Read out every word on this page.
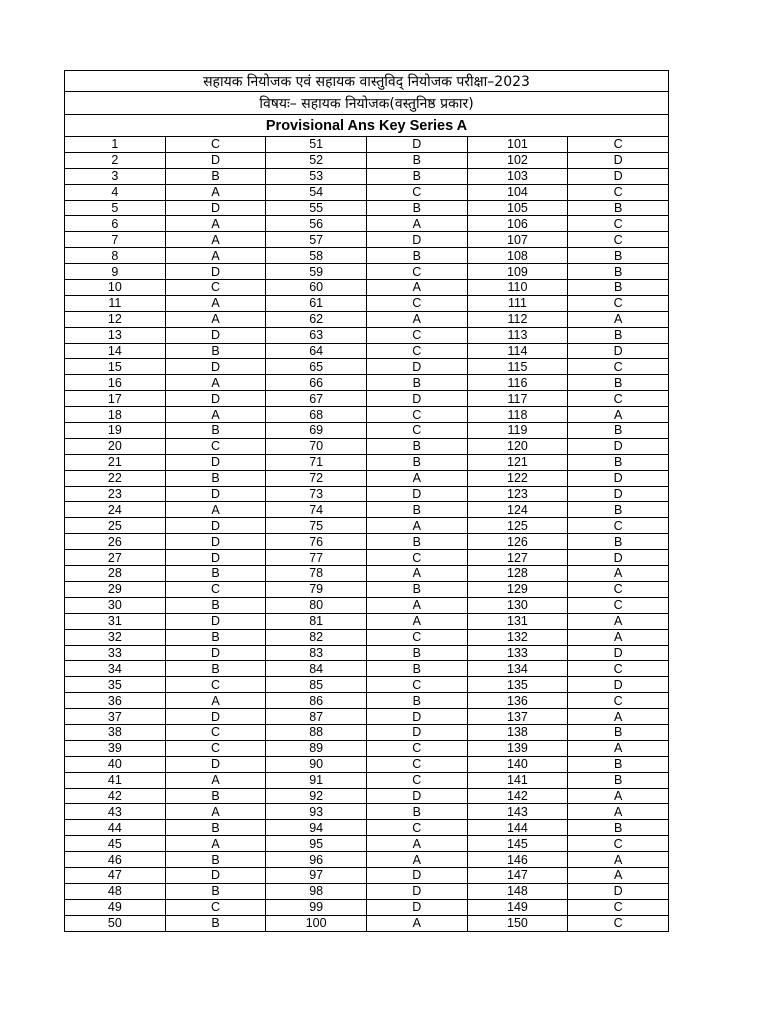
सहायक नियोजक एवं सहायक वास्तुविद् नियोजक परीक्षा–2023					
विषयः– सहायक नियोजक(वस्तुनिष्ठ प्रकार)					
Provisional Ans Key Series A					
1	C	51	D	101	C
2	D	52	B	102	D
3	B	53	B	103	D
4	A	54	C	104	C
5	D	55	B	105	B
6	A	56	A	106	C
7	A	57	D	107	C
8	A	58	B	108	B
9	D	59	C	109	B
10	C	60	A	110	B
11	A	61	C	111	C
12	A	62	A	112	A
13	D	63	C	113	B
14	B	64	C	114	D
15	D	65	D	115	C
16	A	66	B	116	B
17	D	67	D	117	C
18	A	68	C	118	A
19	B	69	C	119	B
20	C	70	B	120	D
21	D	71	B	121	B
22	B	72	A	122	D
23	D	73	D	123	D
24	A	74	B	124	B
25	D	75	A	125	C
26	D	76	B	126	B
27	D	77	C	127	D
28	B	78	A	128	A
29	C	79	B	129	C
30	B	80	A	130	C
31	D	81	A	131	A
32	B	82	C	132	A
33	D	83	B	133	D
34	B	84	B	134	C
35	C	85	C	135	D
36	A	86	B	136	C
37	D	87	D	137	A
38	C	88	D	138	B
39	C	89	C	139	A
40	D	90	C	140	B
41	A	91	C	141	B
42	B	92	D	142	A
43	A	93	B	143	A
44	B	94	C	144	B
45	A	95	A	145	C
46	B	96	A	146	A
47	D	97	D	147	A
48	B	98	D	148	D
49	C	99	D	149	C
50	B	100	A	150	C
